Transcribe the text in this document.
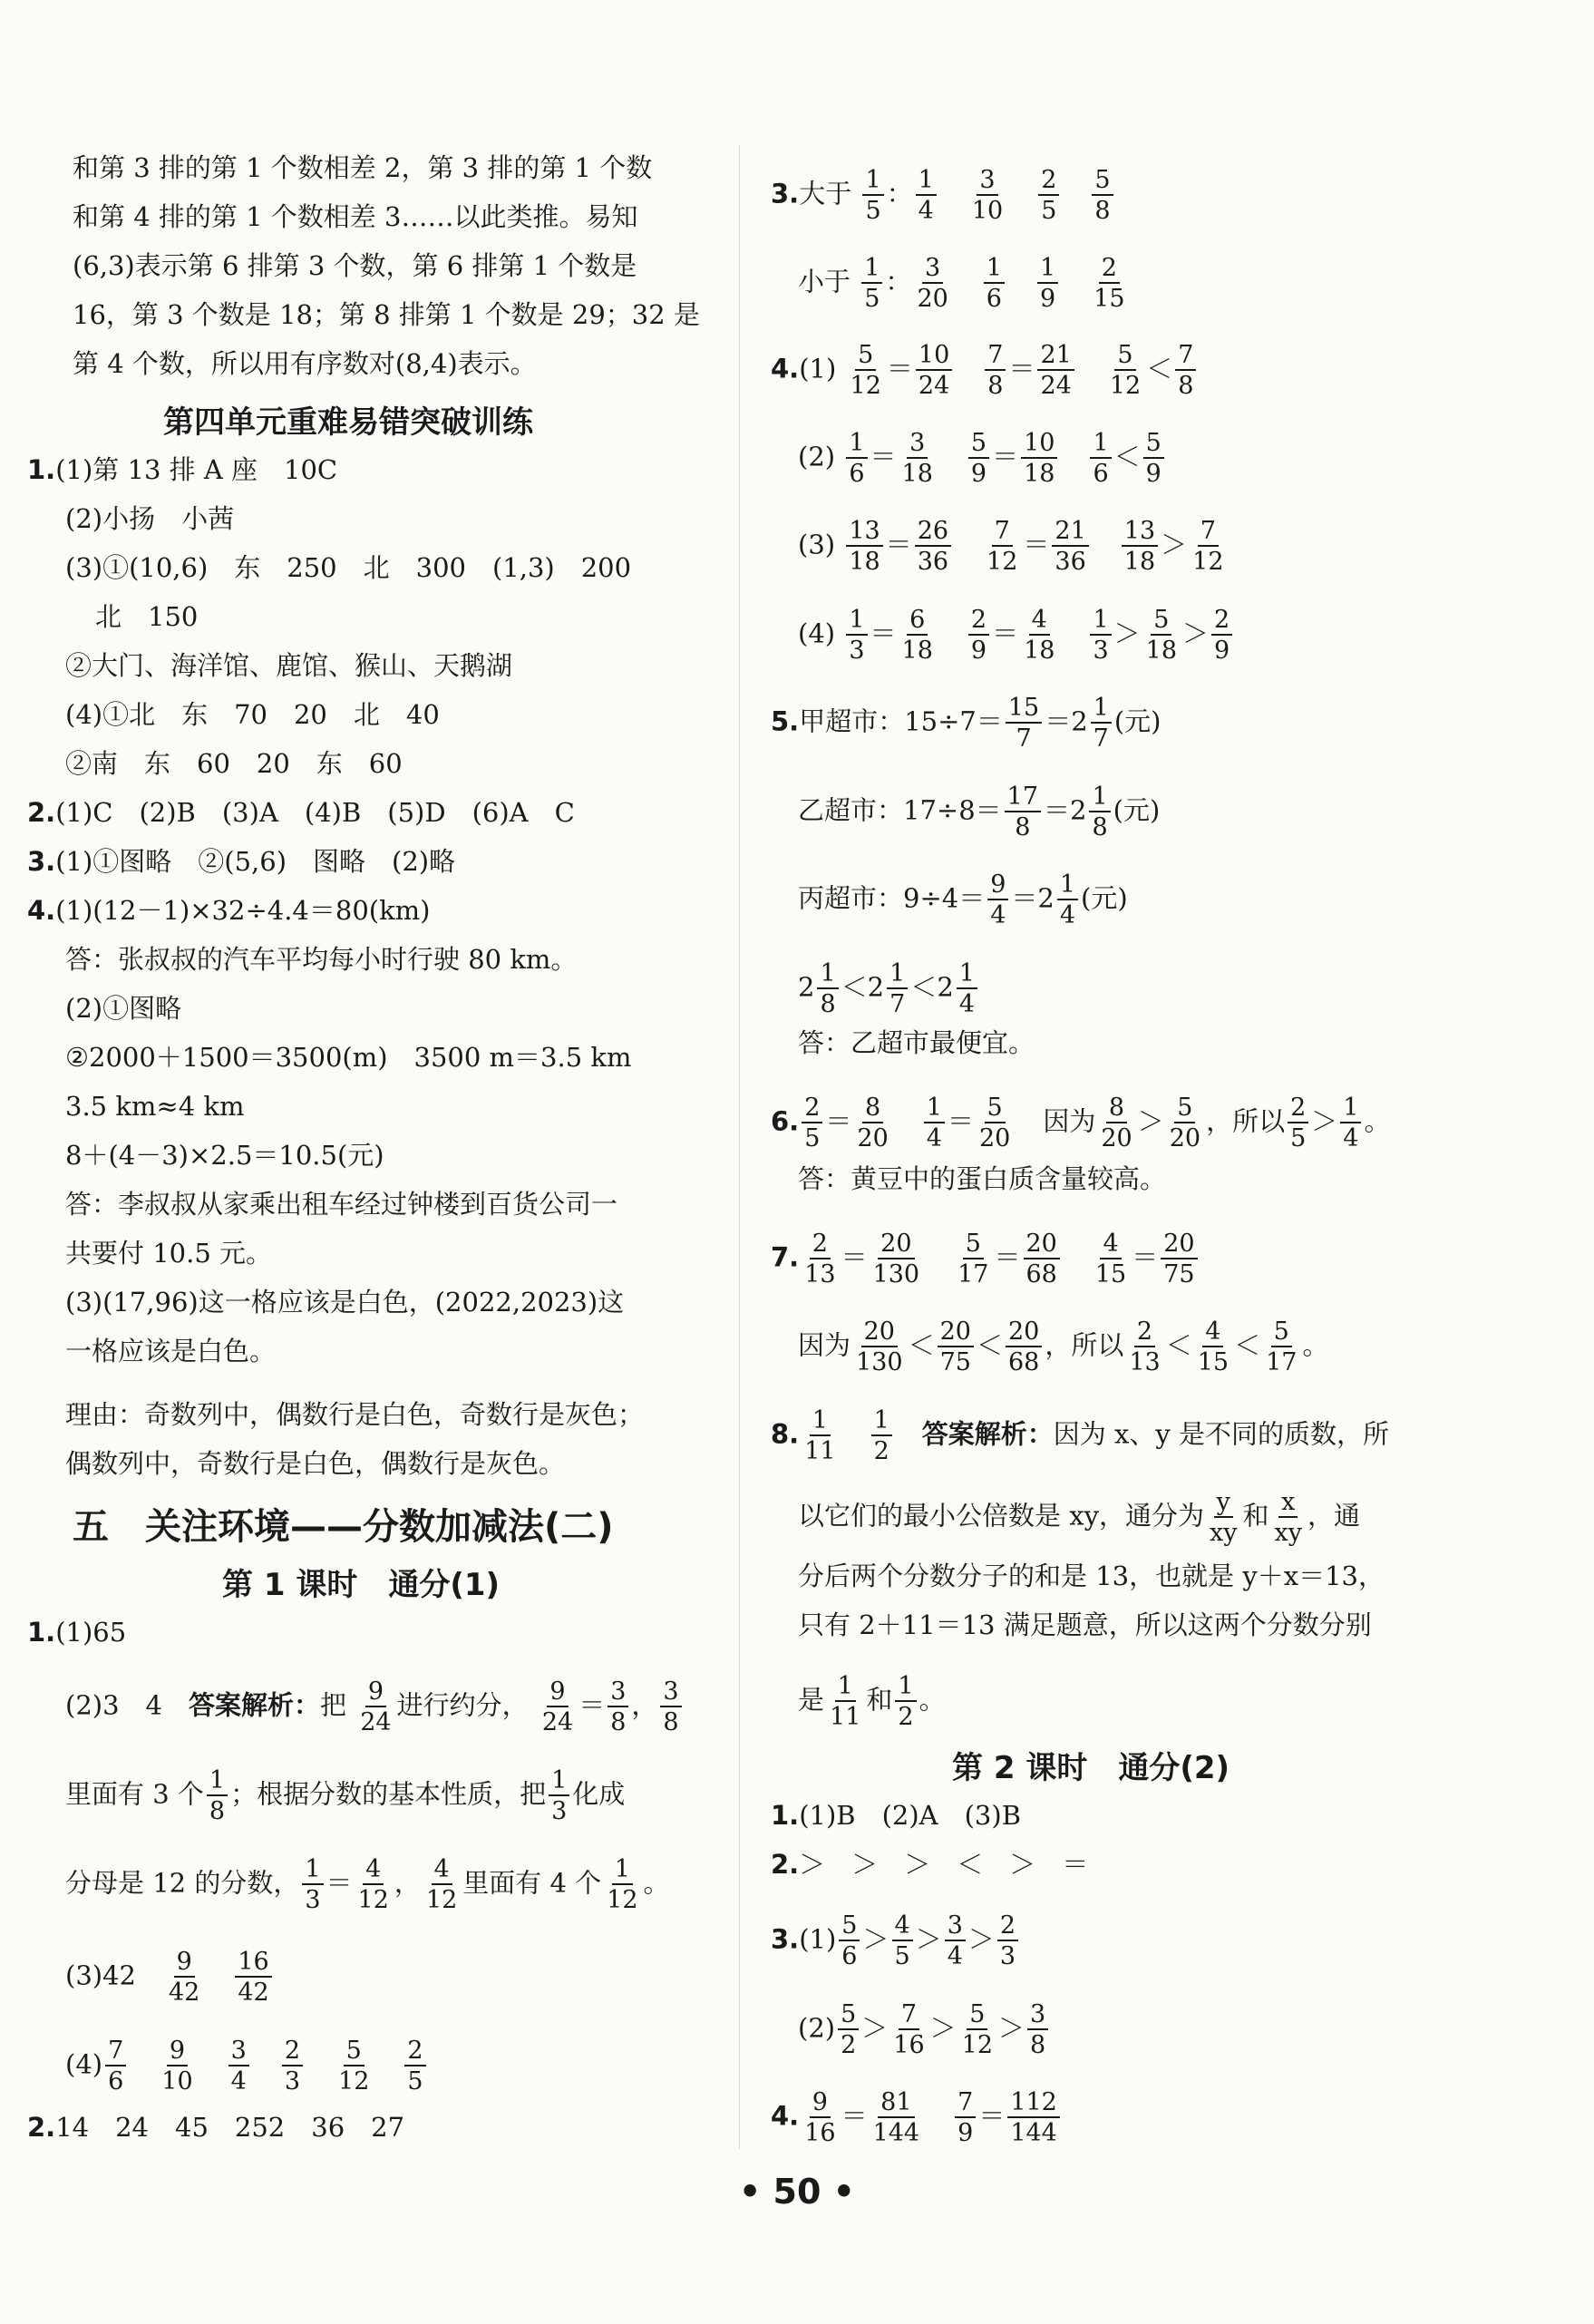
和第 3 排的第 1 个数相差 2，第 3 排的第 1 个数
和第 4 排的第 1 个数相差 3……以此类推。易知
(6,3)表示第 6 排第 3 个数，第 6 排第 1 个数是
16，第 3 个数是 18；第 8 排第 1 个数是 29；32 是
第 4 个数，所以用有序数对(8,4)表示。
第四单元重难易错突破训练
1.(1)第 13 排 A 座　10C
(2)小扬　小茜
(3)①(10,6)　东　250　北　300　(1,3)　200
北　150
②大门、海洋馆、鹿馆、猴山、天鹅湖
(4)①北　东　70　20　北　40
②南　东　60　20　东　60
2.(1)C　(2)B　(3)A　(4)B　(5)D　(6)A　C
3.(1)①图略　②(5,6)　图略　(2)略
4.(1)(12－1)×32÷4.4＝80(km)
答：张叔叔的汽车平均每小时行驶 80 km。
(2)①图略
②2000＋1500＝3500(m)　3500 m＝3.5 km
3.5 km≈4 km
8＋(4－3)×2.5＝10.5(元)
答：李叔叔从家乘出租车经过钟楼到百货公司一
共要付 10.5 元。
(3)(17,96)这一格应该是白色，(2022,2023)这
一格应该是白色。
理由：奇数列中，偶数行是白色，奇数行是灰色；
偶数列中，奇数行是白色，偶数行是灰色。
五　关注环境——分数加减法(二)
第 1 课时　通分(1)
1.(1)65
(2)3　4　答案解析：把 $\frac{9}{24}$ 进行约分， $\frac{9}{24} = \frac{3}{8}$ ， $\frac{3}{8}$
里面有 3 个 $\frac{1}{8}$ ；根据分数的基本性质，把 $\frac{1}{3}$ 化成
分母是 12 的分数， $\frac{1}{3} = \frac{4}{12}$ ， $\frac{4}{12}$ 里面有 4 个 $\frac{1}{12}$ 。
$(3)42 \frac{9}{42} \frac{16}{42}$
$(4) \frac{7}{6} \frac{9}{10} \frac{3}{4} \frac{2}{3} \frac{5}{12} \frac{2}{5}$
2.14　24　45　252　36　27
3.大于 $\frac{1}{5}$ ： $\frac{1}{4} \frac{3}{10} \frac{2}{5} \frac{5}{8}$
小于 $\frac{1}{5}$ ： $\frac{3}{20} \frac{1}{6} \frac{1}{9} \frac{2}{15}$
$4.(1) \frac{5}{12} = \frac{10}{24} \frac{7}{8} = \frac{21}{24} \frac{5}{12} < \frac{7}{8}$
$(2) \frac{1}{6} = \frac{3}{18} \frac{5}{9} = \frac{10}{18} \frac{1}{6} < \frac{5}{9}$
$(3) \frac{13}{18} = \frac{26}{36} \frac{7}{12} = \frac{21}{36} \frac{13}{18} > \frac{7}{12}$
$(4) \frac{1}{3} = \frac{6}{18} \frac{2}{9} = \frac{4}{18} \frac{1}{3} > \frac{5}{18} > \frac{2}{9}$
5.甲超市：$15\div 7= \frac{15}{7} =2 \frac{1}{7}$ (元)
乙超市：$17\div 8= \frac{17}{8} =2 \frac{1}{8}$ (元)
丙超市：$9\div 4= \frac{9}{4} =2 \frac{1}{4}$ (元)
$2 \frac{1}{8} <2 \frac{1}{7} <2 \frac{1}{4}$
答：乙超市最便宜。
6. $\frac{2}{5} = \frac{8}{20} \frac{1}{4} = \frac{5}{20}$ 因为 $\frac{8}{20} > \frac{5}{20}$ ，所以 $\frac{2}{5} > \frac{1}{4}$ 。
答：黄豆中的蛋白质含量较高。
7. $\frac{2}{13} = \frac{20}{130} \frac{5}{17} = \frac{20}{68} \frac{4}{15} = \frac{20}{75}$
因为 $\frac{20}{130} < \frac{20}{75} < \frac{20}{68}$ ，所以 $\frac{2}{13} < \frac{4}{15} < \frac{5}{17}$ 。
8. $\frac{1}{11} \frac{1}{2}$ 答案解析：因为 x、y 是不同的质数，所
以它们的最小公倍数是 xy，通分为 $\frac{y}{xy}$ 和 $\frac{x}{xy}$ ，通
分后两个分数分子的和是 13，也就是 y＋x＝13，
只有 2＋11＝13 满足题意，所以这两个分数分别
是 $\frac{1}{11}$ 和 $\frac{1}{2}$ 。
第 2 课时　通分(2)
1.(1)B　(2)A　(3)B
2.＞　＞　＞　＜　＞　＝
$3.(1) \frac{5}{6} > \frac{4}{5} > \frac{3}{4} > \frac{2}{3}$
$(2) \frac{5}{2} > \frac{7}{16} > \frac{5}{12} > \frac{3}{8}$
4. $\frac{9}{16} = \frac{81}{144} \frac{7}{9} = \frac{112}{144}$
• 50 •
